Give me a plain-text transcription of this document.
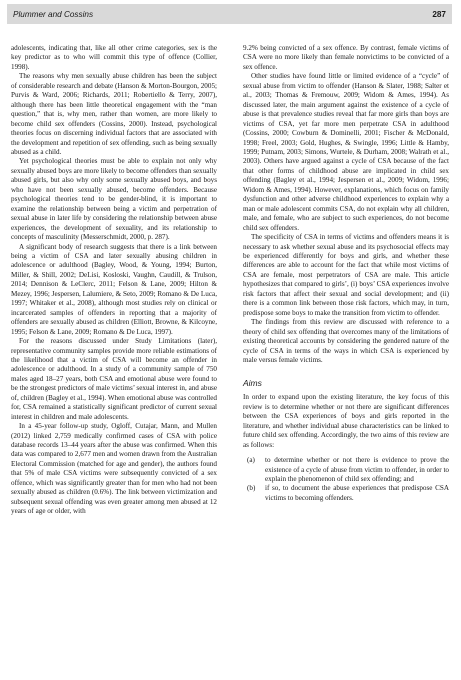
Plummer and Cossins	287

adolescents, indicating that, like all other crime categories, sex is the key predictor as to who will commit this type of offence (Collier, 1998).

The reasons why men sexually abuse children has been the subject of considerable research and debate (Hanson & Morton-Bourgon, 2005; Purvis & Ward, 2006; Richards, 2011; Robertiello & Terry, 2007), although there has been little theoretical engagement with the “man question,” that is, why men, rather than women, are more likely to become child sex offenders (Cossins, 2000). Instead, psychological theories focus on discerning individual factors that are associated with the development and repetition of sex offending, such as being sexually abused as a child.

Yet psychological theories must be able to explain not only why sexually abused boys are more likely to become offenders than sexually abused girls, but also why only some sexually abused boys, and boys who have not been sexually abused, become offenders. Because psychological theories tend to be gender-blind, it is important to examine the relationship between being a victim and perpetration of sexual abuse in later life by considering the relationship between abuse experiences, the development of sexuality, and its relationship to concepts of masculinity (Messerschmidt, 2000, p. 287).

A significant body of research suggests that there is a link between being a victim of CSA and later sexually abusing children in adolescence or adulthood (Bagley, Wood, & Young, 1994; Burton, Miller, & Shill, 2002; DeLisi, Kosloski, Vaughn, Caudill, & Trulson, 2014; Dennison & LeClerc, 2011; Felson & Lane, 2009; Hilton & Mezey, 1996; Jespersen, Lalumiere, & Seto, 2009; Romano & De Luca, 1997; Whitaker et al., 2008), although most studies rely on clinical or incarcerated samples of offenders in reporting that a majority of offenders are sexually abused as children (Elliott, Browne, & Kilcoyne, 1995; Felson & Lane, 2009; Romano & De Luca, 1997).

For the reasons discussed under Study Limitations (later), representative community samples provide more reliable estimations of the likelihood that a victim of CSA will become an offender in adolescence or adulthood. In a study of a community sample of 750 males aged 18–27 years, both CSA and emotional abuse were found to be the strongest predictors of male victims’ sexual interest in, and abuse of, children (Bagley et al., 1994). When emotional abuse was controlled for, CSA remained a statistically significant predictor of current sexual interest in children and male adolescents.

In a 45-year follow-up study, Ogloff, Cutajar, Mann, and Mullen (2012) linked 2,759 medically confirmed cases of CSA with police database records 13–44 years after the abuse was confirmed. When this data was compared to 2,677 men and women drawn from the Australian Electoral Commission (matched for age and gender), the authors found that 5% of male CSA victims were subsequently convicted of a sex offence, which was significantly greater than for men who had not been sexually abused as children (0.6%). The link between victimization and subsequent sexual offending was even greater among men abused at 12 years of age or older, with

9.2% being convicted of a sex offence. By contrast, female victims of CSA were no more likely than female nonvictims to be convicted of a sex offence.

Other studies have found little or limited evidence of a “cycle” of sexual abuse from victim to offender (Hanson & Slater, 1988; Salter et al., 2003; Thomas & Fremouw, 2009; Widom & Ames, 1994). As discussed later, the main argument against the existence of a cycle of abuse is that prevalence studies reveal that far more girls than boys are victims of CSA, yet far more men perpetrate CSA in adulthood (Cossins, 2000; Cowburn & Dominelli, 2001; Fischer & McDonald, 1998; Freel, 2003; Gold, Hughes, & Swingle, 1996; Little & Hamby, 1999; Putnam, 2003; Simons, Wurtele, & Durham, 2008; Walrath et al., 2003). Others have argued against a cycle of CSA because of the fact that other forms of childhood abuse are implicated in child sex offending (Bagley et al., 1994; Jespersen et al., 2009; Widom, 1996; Widom & Ames, 1994). However, explanations, which focus on family dysfunction and other adverse childhood experiences to explain why a man or male adolescent commits CSA, do not explain why all children, male, and female, who are subject to such experiences, do not become child sex offenders.

The specificity of CSA in terms of victims and offenders means it is necessary to ask whether sexual abuse and its psychosocial effects may be experienced differently for boys and girls, and whether these differences are able to account for the fact that while most victims of CSA are female, most perpetrators of CSA are male. This article hypothesizes that compared to girls’, (i) boys’ CSA experiences involve risk factors that affect their sexual and social development; and (ii) there is a common link between those risk factors, which may, in turn, predispose some boys to make the transition from victim to offender.

The findings from this review are discussed with reference to a theory of child sex offending that overcomes many of the limitations of existing theoretical accounts by considering the gendered nature of the cycle of CSA in terms of the ways in which CSA is experienced by male versus female victims.

Aims

In order to expand upon the existing literature, the key focus of this review is to determine whether or not there are significant differences between the CSA experiences of boys and girls reported in the literature, and whether individual abuse characteristics can be linked to future child sex offending. Accordingly, the two aims of this review are as follows:

(a)	to determine whether or not there is evidence to prove the existence of a cycle of abuse from victim to offender, in order to explain the phenomenon of child sex offending; and
(b)	if so, to document the abuse experiences that predispose CSA victims to becoming offenders.
